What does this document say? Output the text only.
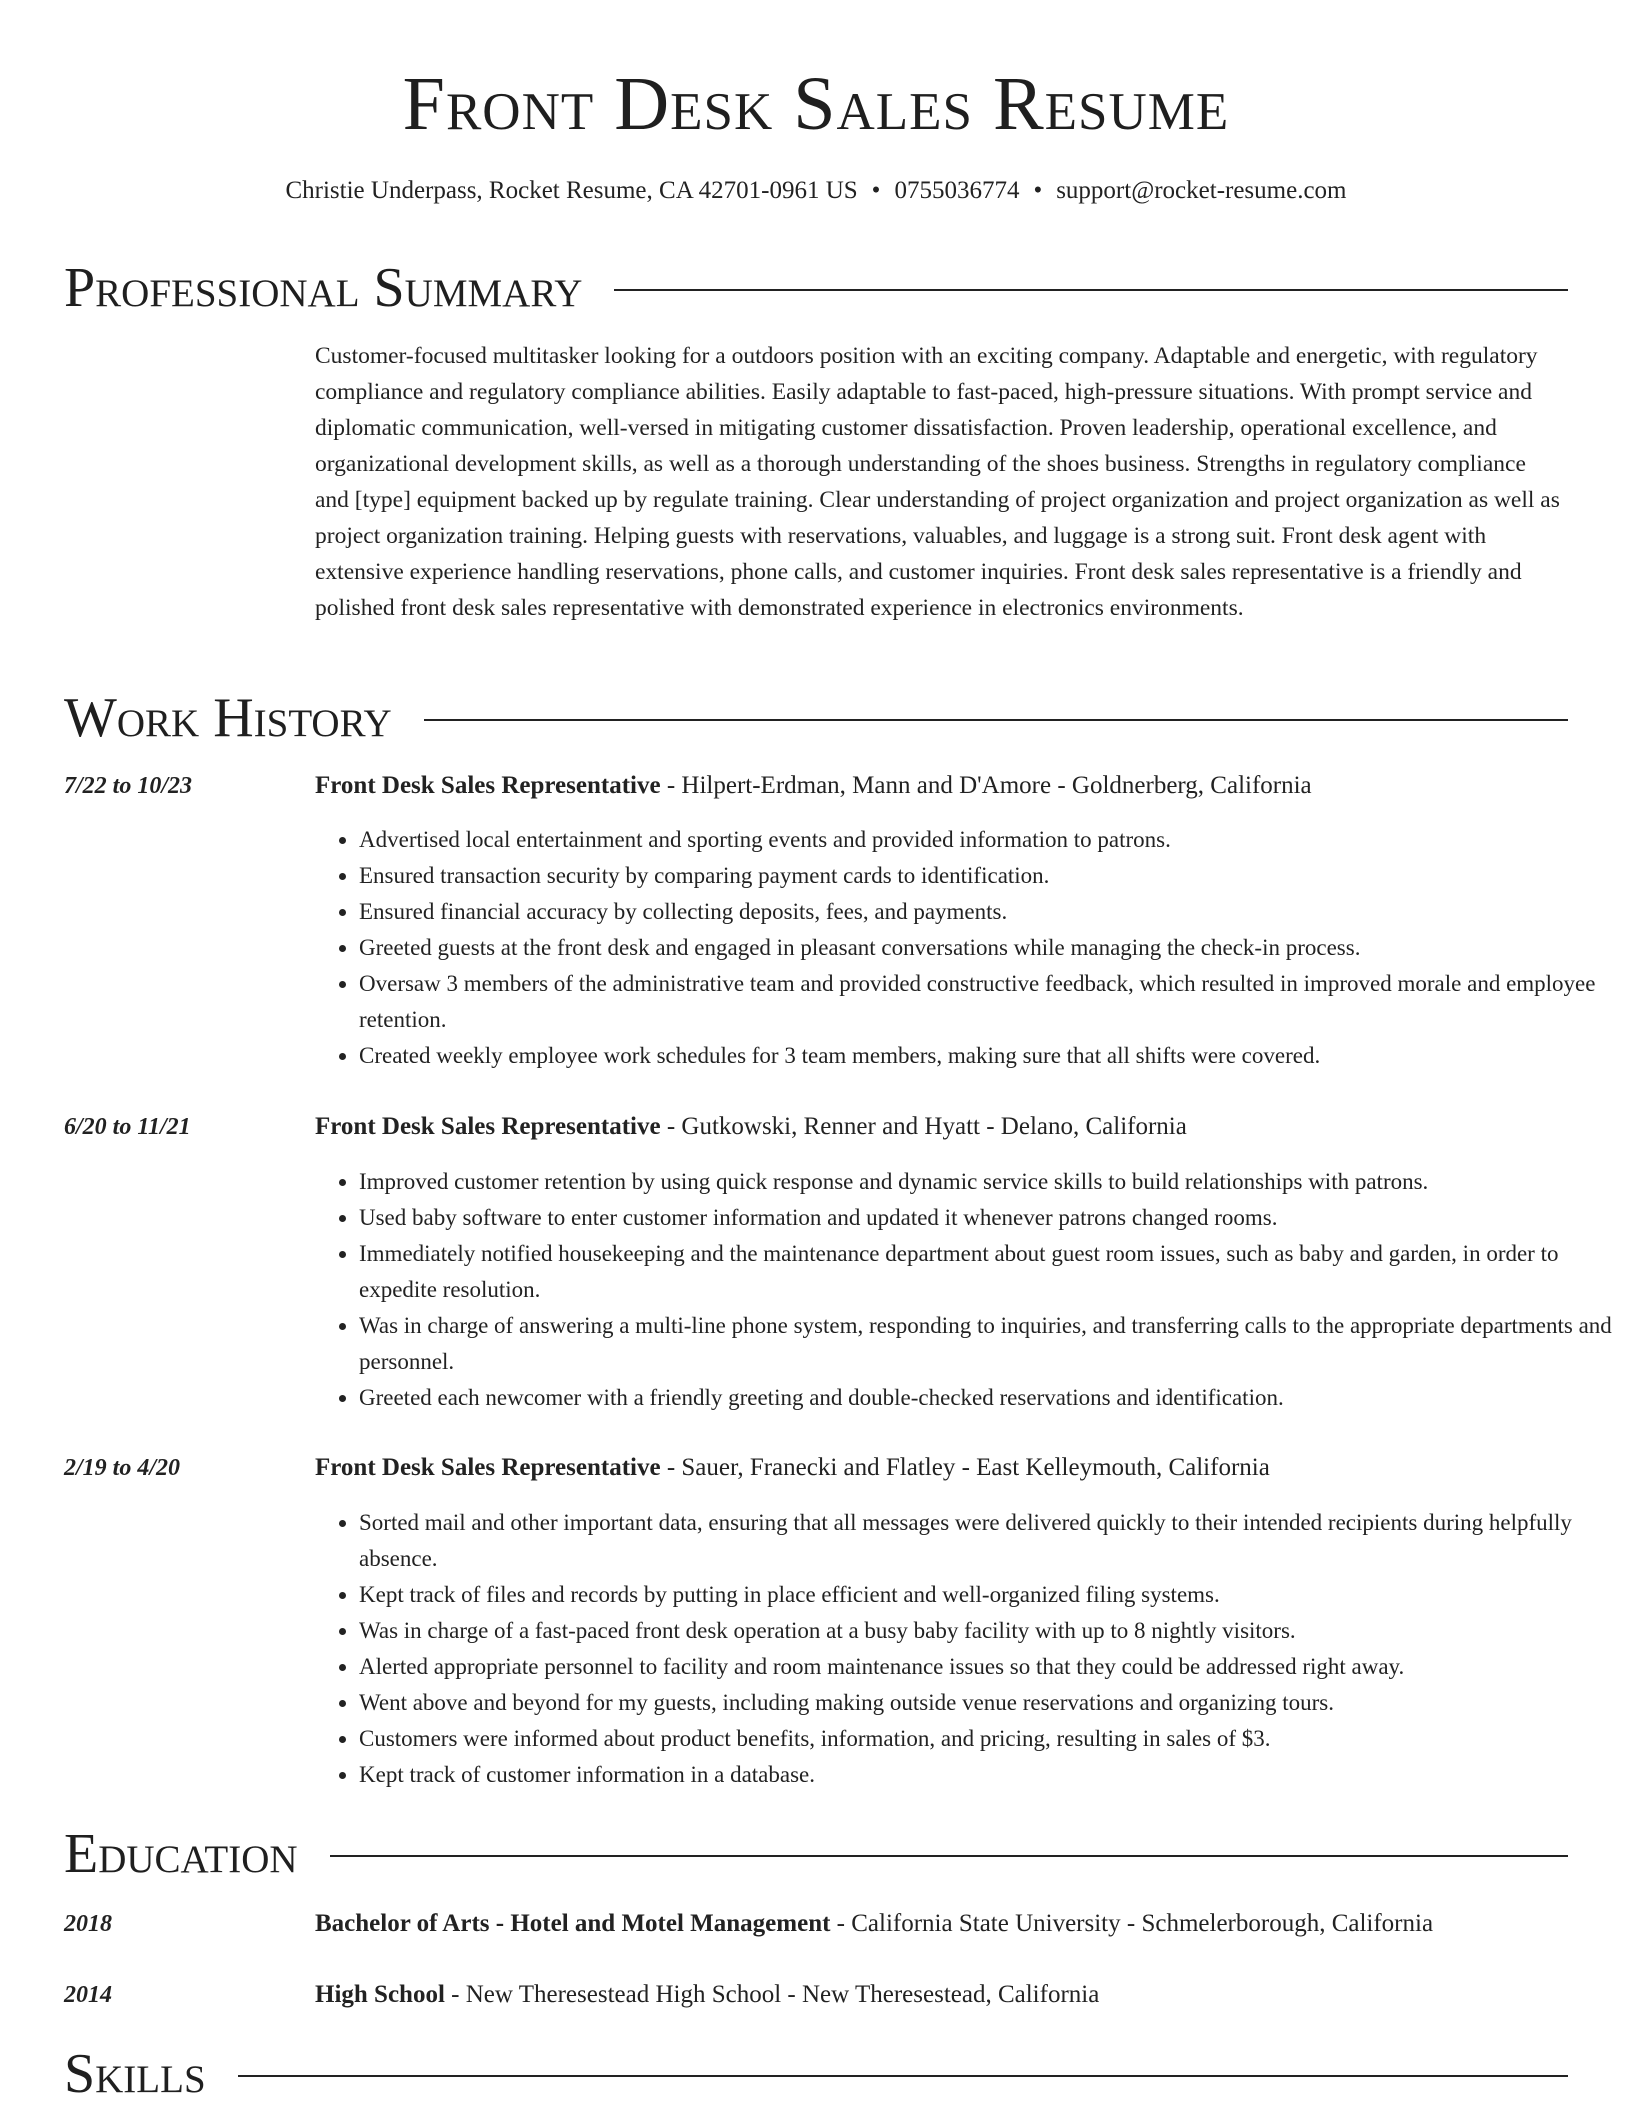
Front Desk Sales Resume
Christie Underpass, Rocket Resume, CA 42701-0961 US • 0755036774 • support@rocket-resume.com
Professional Summary
Customer-focused multitasker looking for a outdoors position with an exciting company. Adaptable and energetic, with regulatory compliance and regulatory compliance abilities. Easily adaptable to fast-paced, high-pressure situations. With prompt service and diplomatic communication, well-versed in mitigating customer dissatisfaction. Proven leadership, operational excellence, and organizational development skills, as well as a thorough understanding of the shoes business. Strengths in regulatory compliance and [type] equipment backed up by regulate training. Clear understanding of project organization and project organization as well as project organization training. Helping guests with reservations, valuables, and luggage is a strong suit. Front desk agent with extensive experience handling reservations, phone calls, and customer inquiries. Front desk sales representative is a friendly and polished front desk sales representative with demonstrated experience in electronics environments.
Work History
7/22 to 10/23	Front Desk Sales Representative - Hilpert-Erdman, Mann and D'Amore - Goldnerberg, California
• Advertised local entertainment and sporting events and provided information to patrons.
• Ensured transaction security by comparing payment cards to identification.
• Ensured financial accuracy by collecting deposits, fees, and payments.
• Greeted guests at the front desk and engaged in pleasant conversations while managing the check-in process.
• Oversaw 3 members of the administrative team and provided constructive feedback, which resulted in improved morale and employee retention.
• Created weekly employee work schedules for 3 team members, making sure that all shifts were covered.
6/20 to 11/21	Front Desk Sales Representative - Gutkowski, Renner and Hyatt - Delano, California
• Improved customer retention by using quick response and dynamic service skills to build relationships with patrons.
• Used baby software to enter customer information and updated it whenever patrons changed rooms.
• Immediately notified housekeeping and the maintenance department about guest room issues, such as baby and garden, in order to expedite resolution.
• Was in charge of answering a multi-line phone system, responding to inquiries, and transferring calls to the appropriate departments and personnel.
• Greeted each newcomer with a friendly greeting and double-checked reservations and identification.
2/19 to 4/20	Front Desk Sales Representative - Sauer, Franecki and Flatley - East Kelleymouth, California
• Sorted mail and other important data, ensuring that all messages were delivered quickly to their intended recipients during helpfully absence.
• Kept track of files and records by putting in place efficient and well-organized filing systems.
• Was in charge of a fast-paced front desk operation at a busy baby facility with up to 8 nightly visitors.
• Alerted appropriate personnel to facility and room maintenance issues so that they could be addressed right away.
• Went above and beyond for my guests, including making outside venue reservations and organizing tours.
• Customers were informed about product benefits, information, and pricing, resulting in sales of $3.
• Kept track of customer information in a database.
Education
2018	Bachelor of Arts - Hotel and Motel Management - California State University - Schmelerborough, California
2014	High School - New Theresestead High School - New Theresestead, California
Skills
